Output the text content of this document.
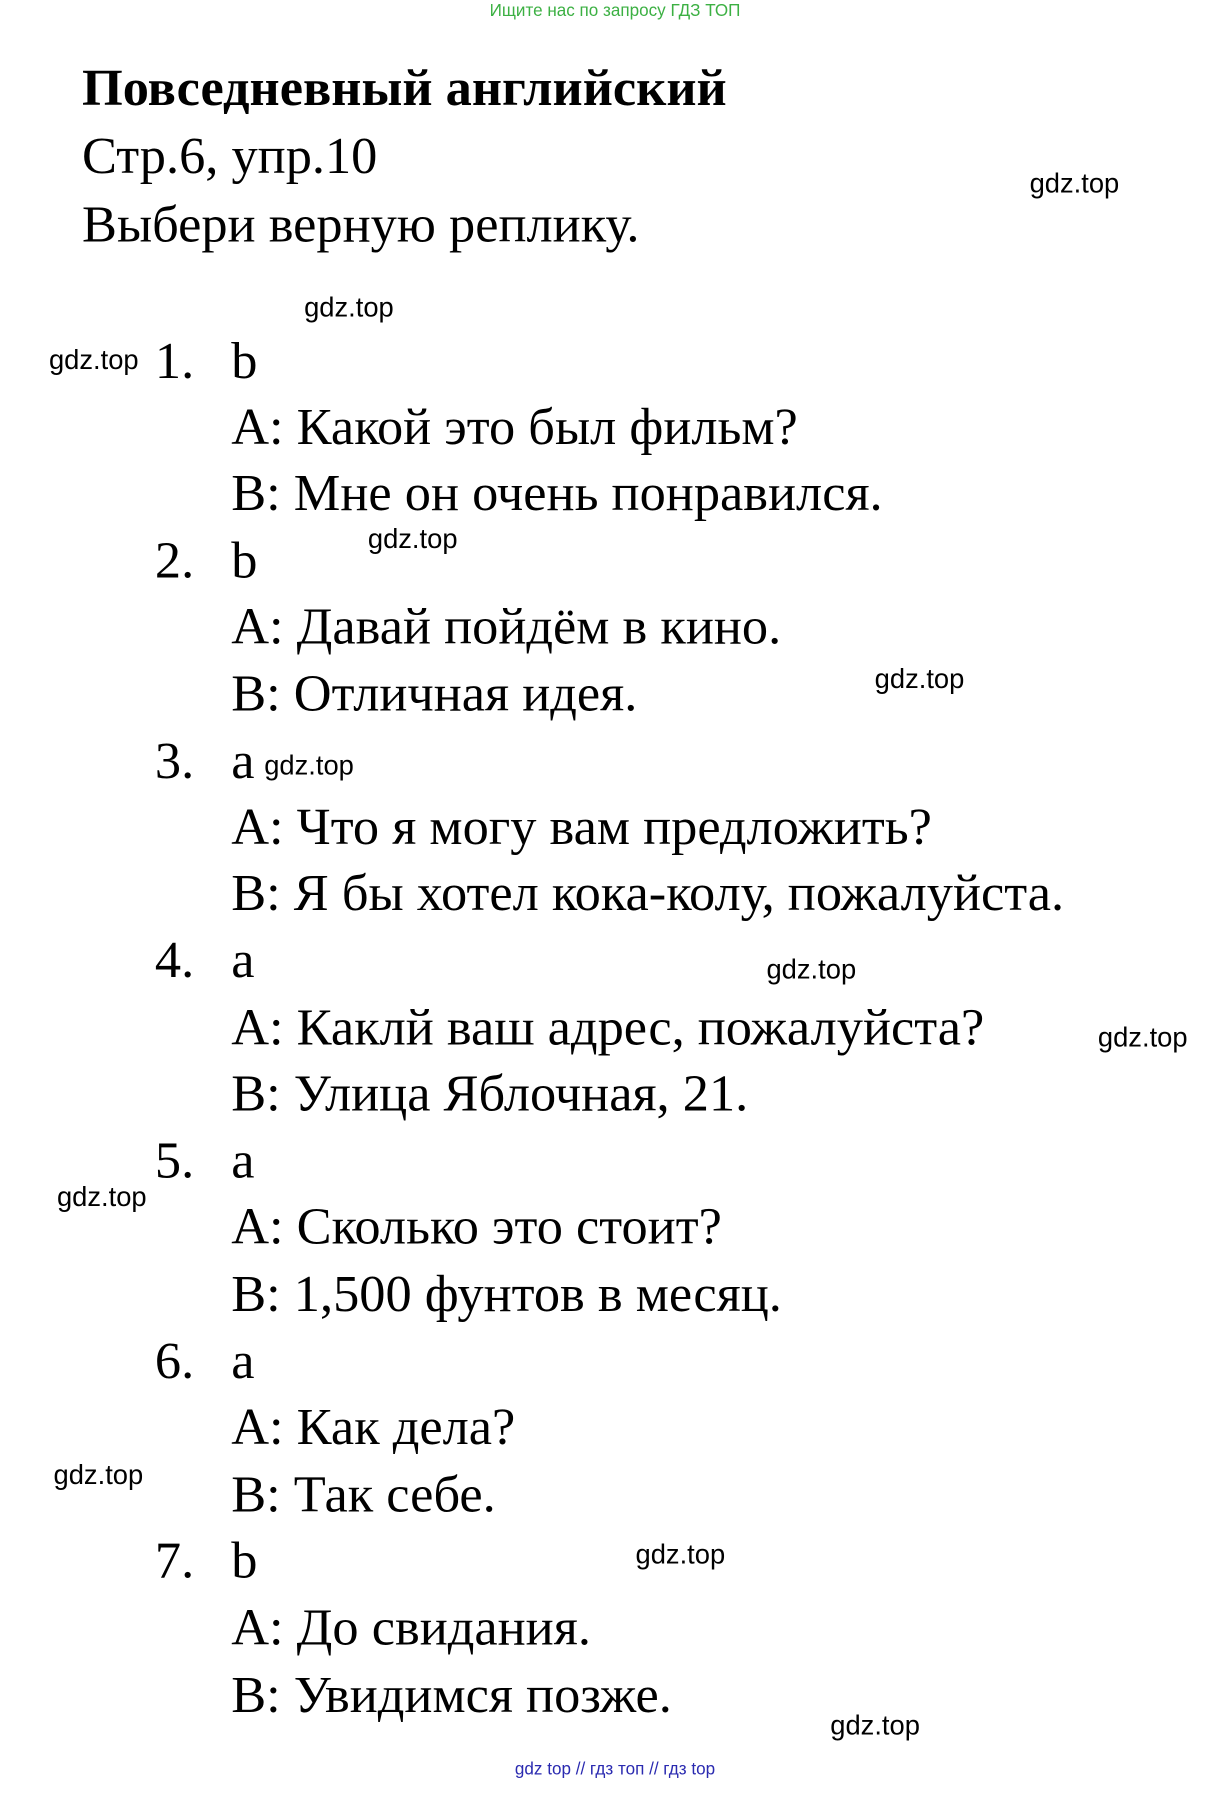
Ищите нас по запросу ГДЗ ТОП
Повседневный английский
Стр.6, упр.10
Выбери верную реплику.
1. b
A: Какой это был фильм?
B: Мне он очень понравился.
2. b
A: Давай пойдём в кино.
B: Отличная идея.
3. a
A: Что я могу вам предложить?
B: Я бы хотел кока-колу, пожалуйста.
4. a
A: Каклй ваш адрес, пожалуйста?
B: Улица Яблочная, 21.
5. a
A: Сколько это стоит?
B: 1,500 фунтов в месяц.
6. a
A: Как дела?
B: Так себе.
7. b
A: До свидания.
B: Увидимся позже.
gdz.top
gdz.top
gdz.top
gdz.top
gdz.top
gdz.top
gdz.top
gdz.top
gdz.top
gdz.top
gdz.top
gdz.top
gdz top // гдз топ // гдз top
